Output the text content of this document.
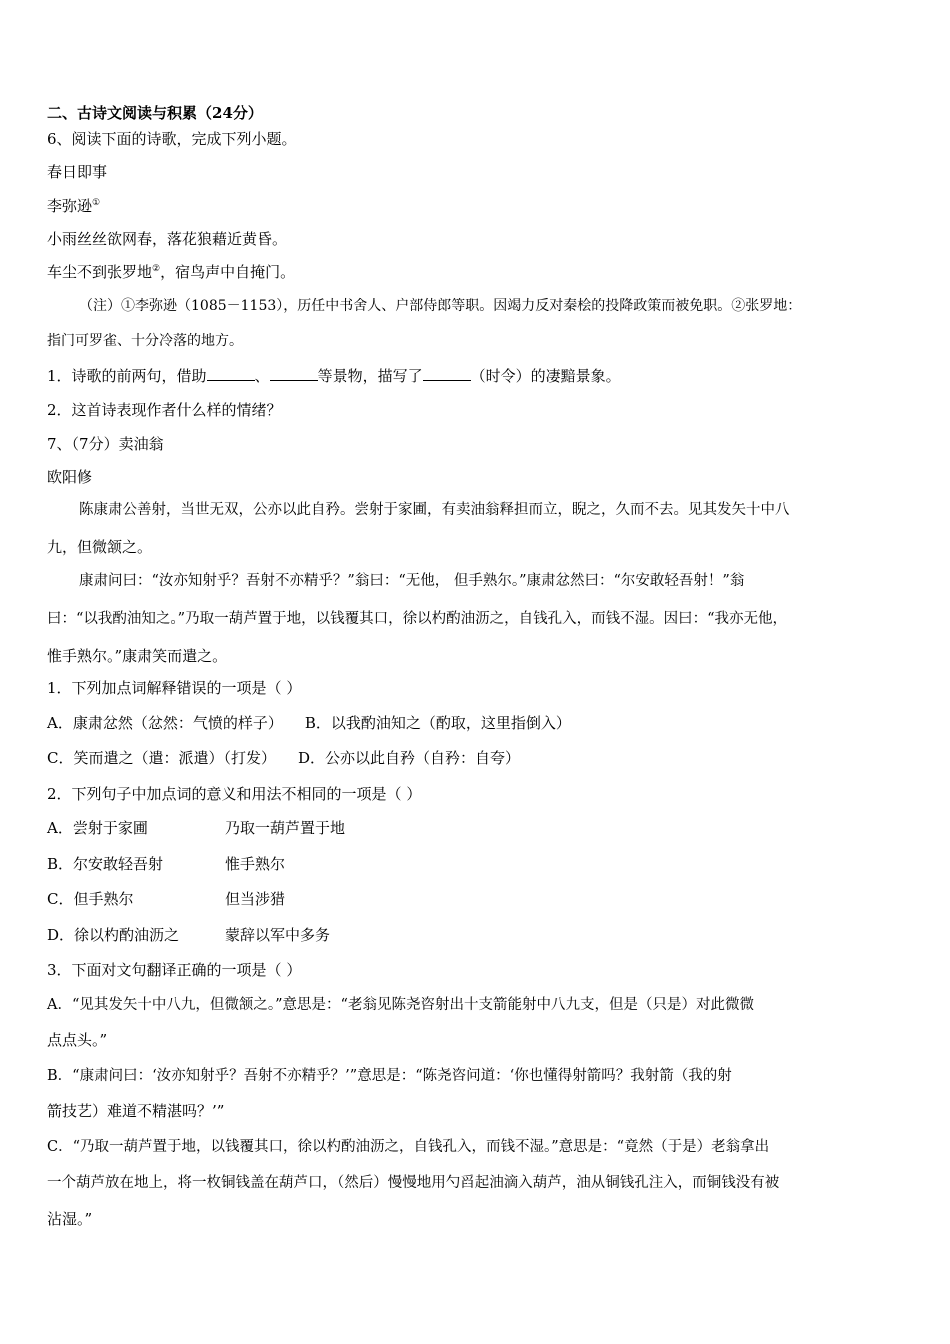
二、古诗文阅读与积累（24分）
6、阅读下面的诗歌，完成下列小题。
春日即事
李弥逊①
小雨丝丝欲网春，落花狼藉近黄昏。
车尘不到张罗地②，宿鸟声中自掩门。
（注）①李弥逊（1085－1153），历任中书舍人、户部侍郎等职。因竭力反对秦桧的投降政策而被免职。②张罗地：
指门可罗雀、十分冷落的地方。
1．诗歌的前两句，借助	、	等景物，描写了	（时令）的凄黯景象。
2．这首诗表现作者什么样的情绪？
7、（7分）卖油翁
欧阳修
陈康肃公善射，当世无双，公亦以此自矜。尝射于家圃，有卖油翁释担而立，睨之，久而不去。见其发矢十中八
九，但微颔之。
康肃问曰：“汝亦知射乎？吾射不亦精乎？”翁曰：“无他， 但手熟尔。”康肃忿然曰：“尔安敢轻吾射！”翁
曰：“以我酌油知之。”乃取一葫芦置于地，以钱覆其口，徐以杓酌油沥之，自钱孔入，而钱不湿。因曰：“我亦无他，
惟手熟尔。”康肃笑而遣之。
1．下列加点词解释错误的一项是（ ）
A．康肃忿然（忿然：气愤的样子） B．以我酌油知之（酌取，这里指倒入）
C．笑而遣之（遣：派遣）（打发） D．公亦以此自矜（自矜：自夸）
2．下列句子中加点词的意义和用法不相同的一项是（ ）
A．尝射于家圃	乃取一葫芦置于地
B．尔安敢轻吾射	惟手熟尔
C．但手熟尔	但当涉猎
D．徐以杓酌油沥之	蒙辞以军中多务
3．下面对文句翻译正确的一项是（ ）
A．“见其发矢十中八九，但微颔之。”意思是：“老翁见陈尧咨射出十支箭能射中八九支，但是（只是）对此微微
点点头。”
B．“康肃问曰：‘汝亦知射乎？吾射不亦精乎？’”意思是：“陈尧咨问道：‘你也懂得射箭吗？我射箭（我的射
箭技艺）难道不精湛吗？’”
C．“乃取一葫芦置于地，以钱覆其口，徐以杓酌油沥之，自钱孔入，而钱不湿。”意思是：“竟然（于是）老翁拿出
一个葫芦放在地上，将一枚铜钱盖在葫芦口，（然后）慢慢地用勺舀起油滴入葫芦，油从铜钱孔注入，而铜钱没有被
沾湿。”
